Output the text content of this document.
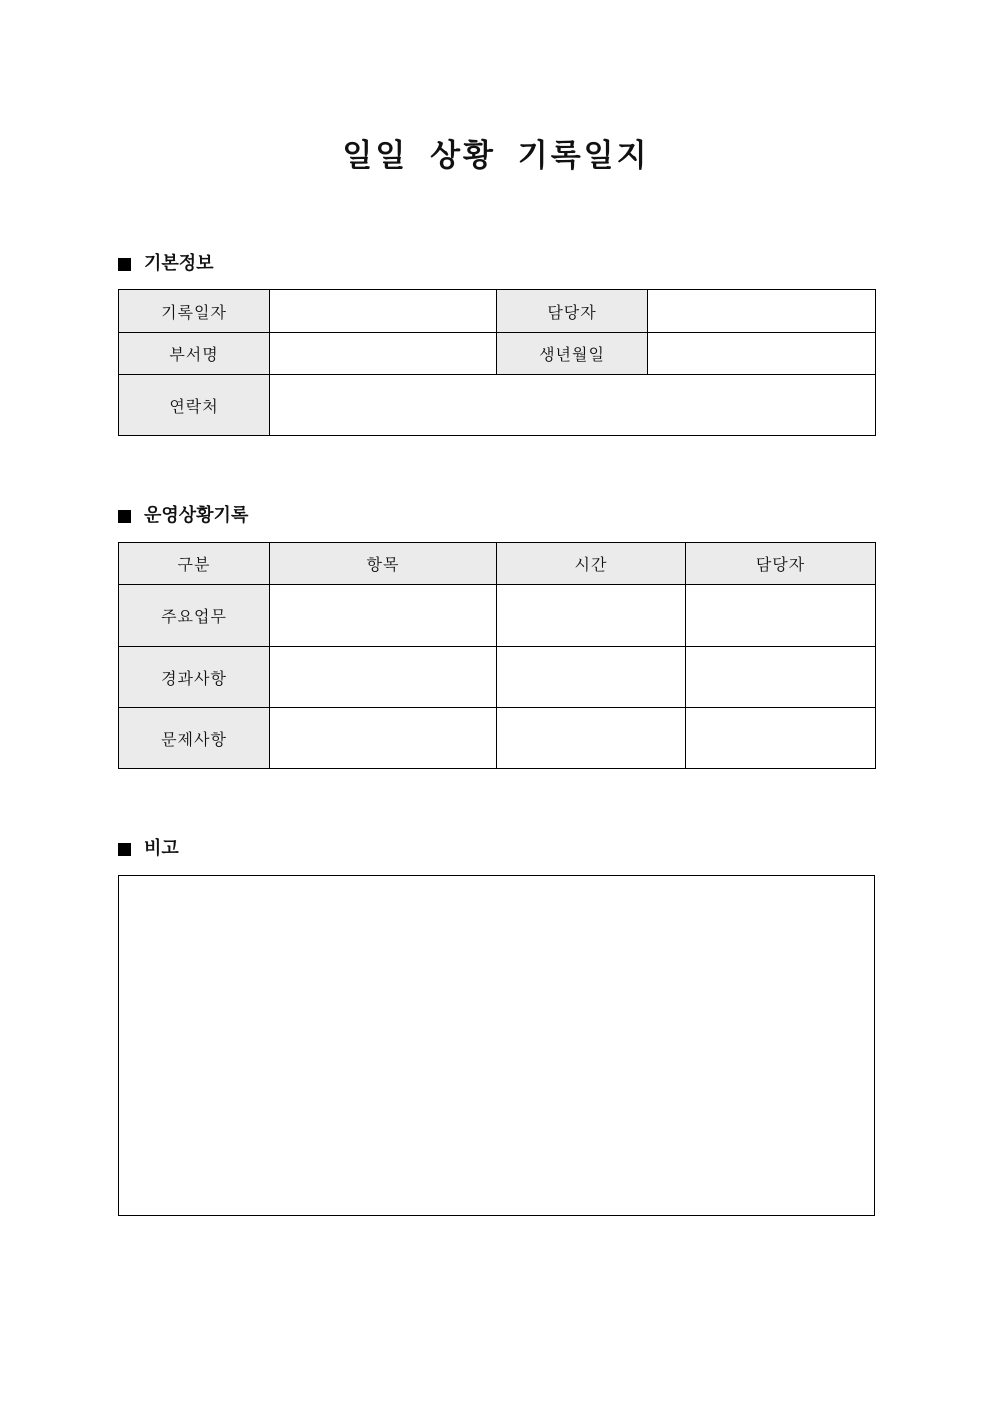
일일 상황 기록일지
기본정보
기록일자		담당자	
부서명		생년월일	
연락처			
운영상황기록
구분	항목	시간	담당자
주요업무			
경과사항			
문제사항			
비고
